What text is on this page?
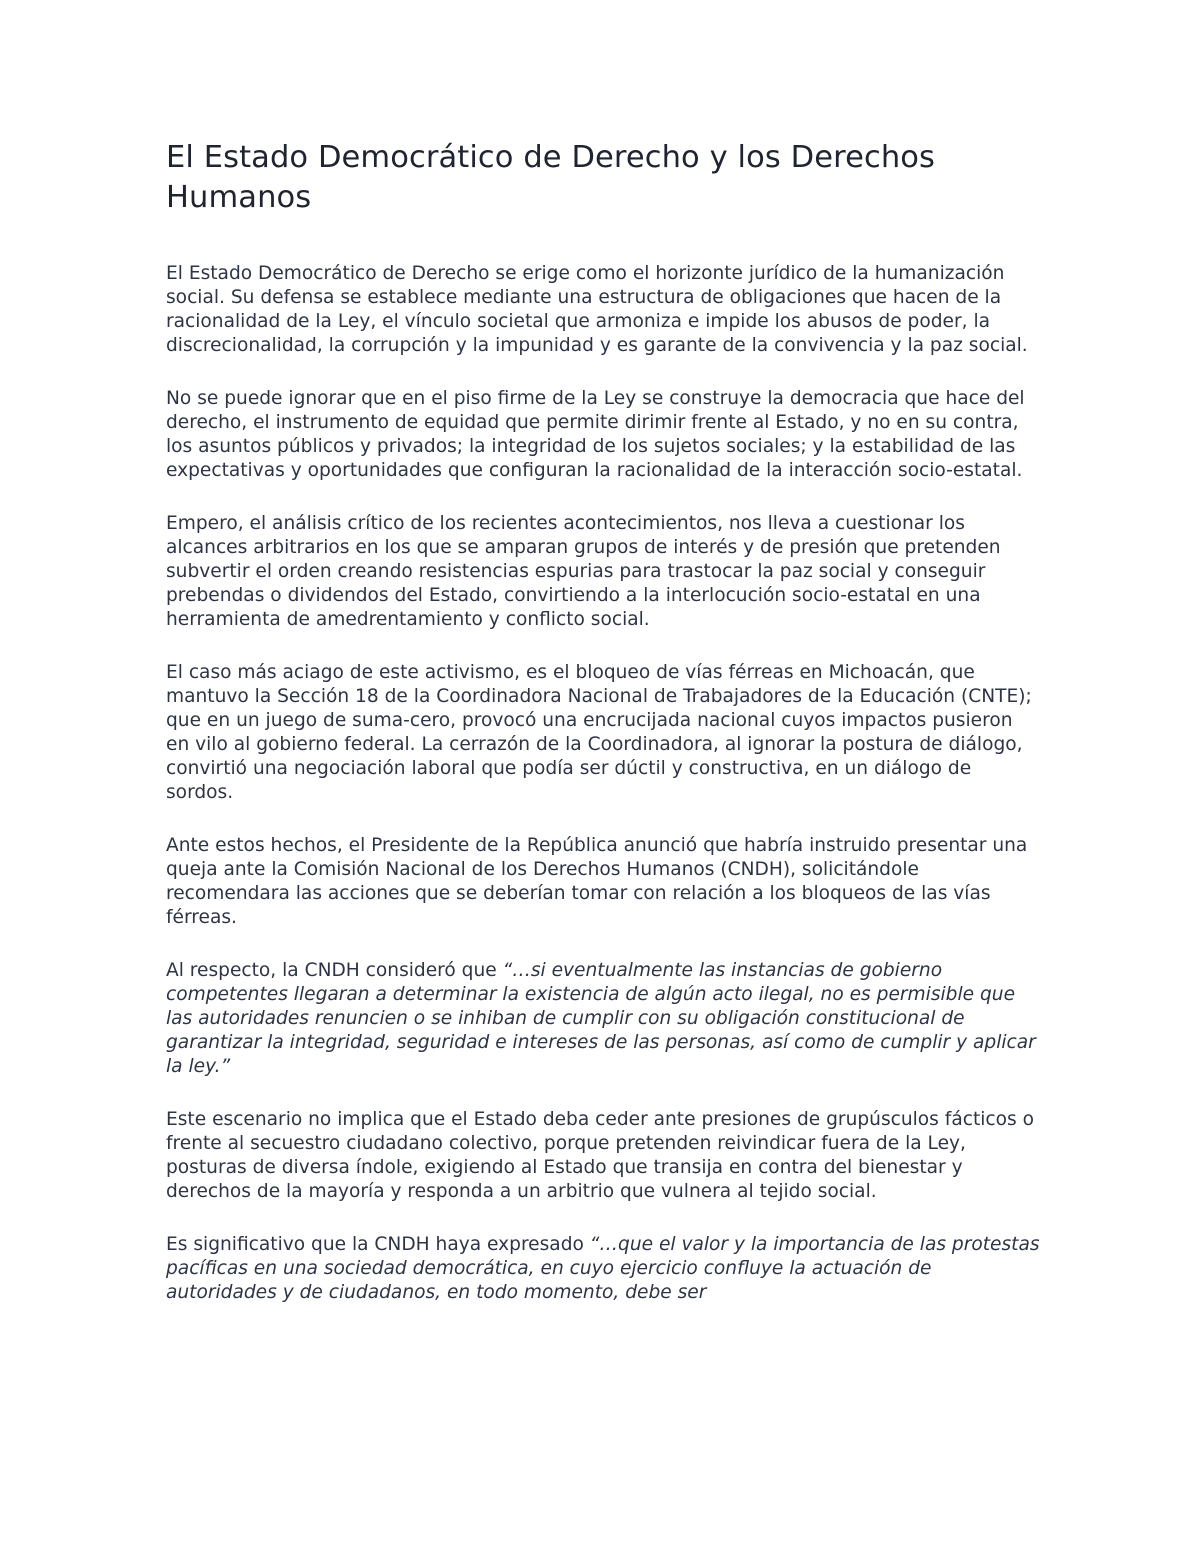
El Estado Democrático de Derecho y los Derechos Humanos

El Estado Democrático de Derecho se erige como el horizonte jurídico de la humanización social. Su defensa se establece mediante una estructura de obligaciones que hacen de la racionalidad de la Ley, el vínculo societal que armoniza e impide los abusos de poder, la discrecionalidad, la corrupción y la impunidad y es garante de la convivencia y la paz social.

No se puede ignorar que en el piso firme de la Ley se construye la democracia que hace del derecho, el instrumento de equidad que permite dirimir frente al Estado, y no en su contra, los asuntos públicos y privados; la integridad de los sujetos sociales; y la estabilidad de las expectativas y oportunidades que configuran la racionalidad de la interacción socio-estatal.

Empero, el análisis crítico de los recientes acontecimientos, nos lleva a cuestionar los alcances arbitrarios en los que se amparan grupos de interés y de presión que pretenden subvertir el orden creando resistencias espurias para trastocar la paz social y conseguir prebendas o dividendos del Estado, convirtiendo a la interlocución socio-estatal en una herramienta de amedrentamiento y conflicto social.

El caso más aciago de este activismo, es el bloqueo de vías férreas en Michoacán, que mantuvo la Sección 18 de la Coordinadora Nacional de Trabajadores de la Educación (CNTE); que en un juego de suma-cero, provocó una encrucijada nacional cuyos impactos pusieron en vilo al gobierno federal. La cerrazón de la Coordinadora, al ignorar la postura de diálogo, convirtió una negociación laboral que podía ser dúctil y constructiva, en un diálogo de sordos.

Ante estos hechos, el Presidente de la República anunció que habría instruido presentar una queja ante la Comisión Nacional de los Derechos Humanos (CNDH), solicitándole recomendara las acciones que se deberían tomar con relación a los bloqueos de las vías férreas.

Al respecto, la CNDH consideró que “…si eventualmente las instancias de gobierno competentes llegaran a determinar la existencia de algún acto ilegal, no es permisible que las autoridades renuncien o se inhiban de cumplir con su obligación constitucional de garantizar la integridad, seguridad e intereses de las personas, así como de cumplir y aplicar la ley.”

Este escenario no implica que el Estado deba ceder ante presiones de grupúsculos fácticos o frente al secuestro ciudadano colectivo, porque pretenden reivindicar fuera de la Ley, posturas de diversa índole, exigiendo al Estado que transija en contra del bienestar y derechos de la mayoría y responda a un arbitrio que vulnera al tejido social.

Es significativo que la CNDH haya expresado “…que el valor y la importancia de las protestas pacíficas en una sociedad democrática, en cuyo ejercicio confluye la actuación de autoridades y de ciudadanos, en todo momento, debe ser
